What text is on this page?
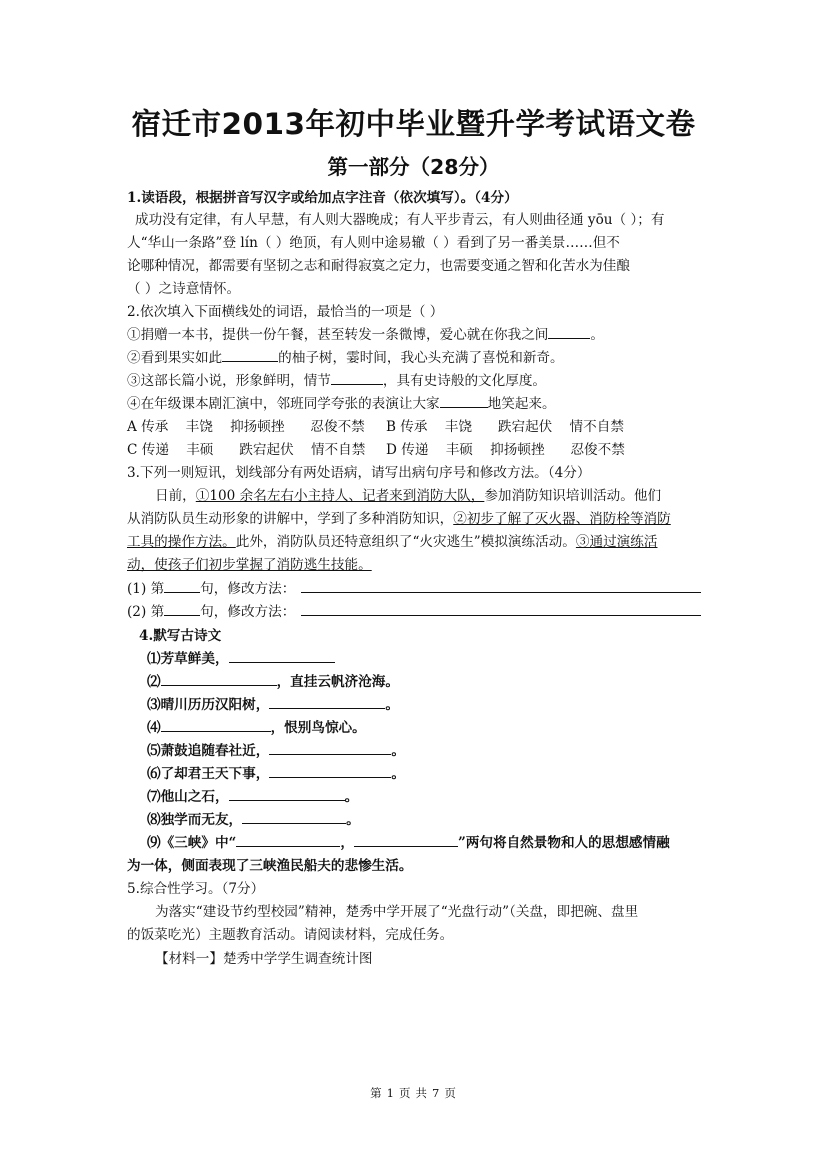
宿迁市2013年初中毕业暨升学考试语文卷
第一部分（28分）
1.读语段，根据拼音写汉字或给加点字注音（依次填写）。（4分）
成功没有定律，有人早慧，有人则大器晚成；有人平步青云，有人则曲径通 yōu（ ）；有
人“华山一条路”登 lín（ ）绝顶，有人则中途易辙（ ）看到了另一番美景……但不
论哪种情况，都需要有坚韧之志和耐得寂寞之定力，也需要变通之智和化苦水为佳酿
（ ）之诗意情怀。
2.依次填入下面横线处的词语，最恰当的一项是（ ）
①捐赠一本书，提供一份午餐，甚至转发一条微博，爱心就在你我之间	。
②看到果实如此	的柚子树，霎时间，我心头充满了喜悦和新奇。
③这部长篇小说，形象鲜明，情节	，具有史诗般的文化厚度。
④在年级课本剧汇演中，邻班同学夸张的表演让大家	地笑起来。
A 传承    丰饶    抑扬顿挫      忍俊不禁	B 传承    丰饶      跌宕起伏    情不自禁
C 传递    丰硕      跌宕起伏    情不自禁	D 传递    丰硕    抑扬顿挫      忍俊不禁
3.下列一则短讯，划线部分有两处语病，请写出病句序号和修改方法。（4分）
日前，①100 余名左右小主持人、记者来到消防大队，参加消防知识培训活动。他们
从消防队员生动形象的讲解中，学到了多种消防知识，②初步了解了灭火器、消防栓等消防
工具的操作方法。此外，消防队员还特意组织了“火灾逃生”模拟演练活动。③通过演练活
动，使孩子们初步掌握了消防逃生技能。
(1) 第	句，修改方法：
(2) 第	句，修改方法：
4.默写古诗文
⑴芳草鲜美，
⑵	，直挂云帆济沧海。
⑶晴川历历汉阳树，	。
⑷	，恨别鸟惊心。
⑸萧鼓追随春社近，	。
⑹了却君王天下事，	。
⑺他山之石，	。
⑻独学而无友，	。
⑼《三峡》中“	，	”两句将自然景物和人的思想感情融
为一体，侧面表现了三峡渔民船夫的悲惨生活。
5.综合性学习。（7分）
为落实“建设节约型校园”精神，楚秀中学开展了“光盘行动”（关盘，即把碗、盘里
的饭菜吃光）主题教育活动。请阅读材料，完成任务。
【材料一】楚秀中学学生调查统计图
第 1 页 共 7 页
